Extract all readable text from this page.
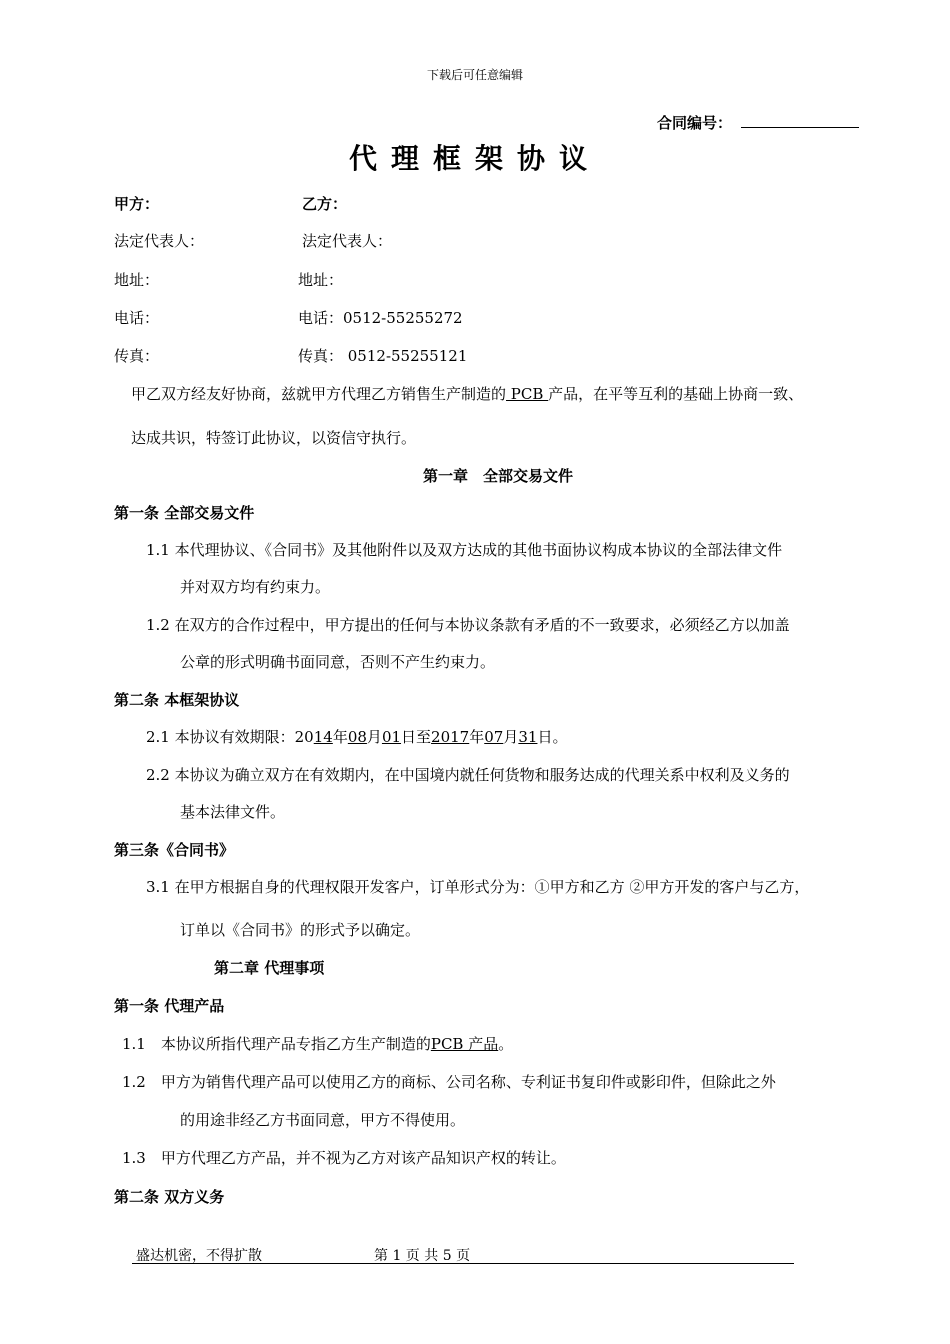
下载后可任意编辑
合同编号：
代理框架协议
甲方：	乙方：
法定代表人：	法定代表人：
地址：	地址：
电话：	电话：0512-55255272
传真：	传真： 0512-55255121
甲乙双方经友好协商，兹就甲方代理乙方销售生产制造的 PCB 产品，在平等互利的基础上协商一致、
达成共识，特签订此协议，以资信守执行。
第一章　全部交易文件
第一条 全部交易文件
1.1 本代理协议、《合同书》及其他附件以及双方达成的其他书面协议构成本协议的全部法律文件
并对双方均有约束力。
1.2 在双方的合作过程中，甲方提出的任何与本协议条款有矛盾的不一致要求，必须经乙方以加盖
公章的形式明确书面同意，否则不产生约束力。
第二条 本框架协议
2.1 本协议有效期限：2014年08月01日至2017年07月31日。
2.2 本协议为确立双方在有效期内，在中国境内就任何货物和服务达成的代理关系中权利及义务的
基本法律文件。
第三条《合同书》
3.1 在甲方根据自身的代理权限开发客户，订单形式分为：①甲方和乙方 ②甲方开发的客户与乙方，
订单以《合同书》的形式予以确定。
第二章 代理事项
第一条 代理产品
1.1　本协议所指代理产品专指乙方生产制造的PCB 产品。
1.2　甲方为销售代理产品可以使用乙方的商标、公司名称、专利证书复印件或影印件，但除此之外
的用途非经乙方书面同意，甲方不得使用。
1.3　甲方代理乙方产品，并不视为乙方对该产品知识产权的转让。
第二条 双方义务
盛达机密，不得扩散	第 1 页 共 5 页
